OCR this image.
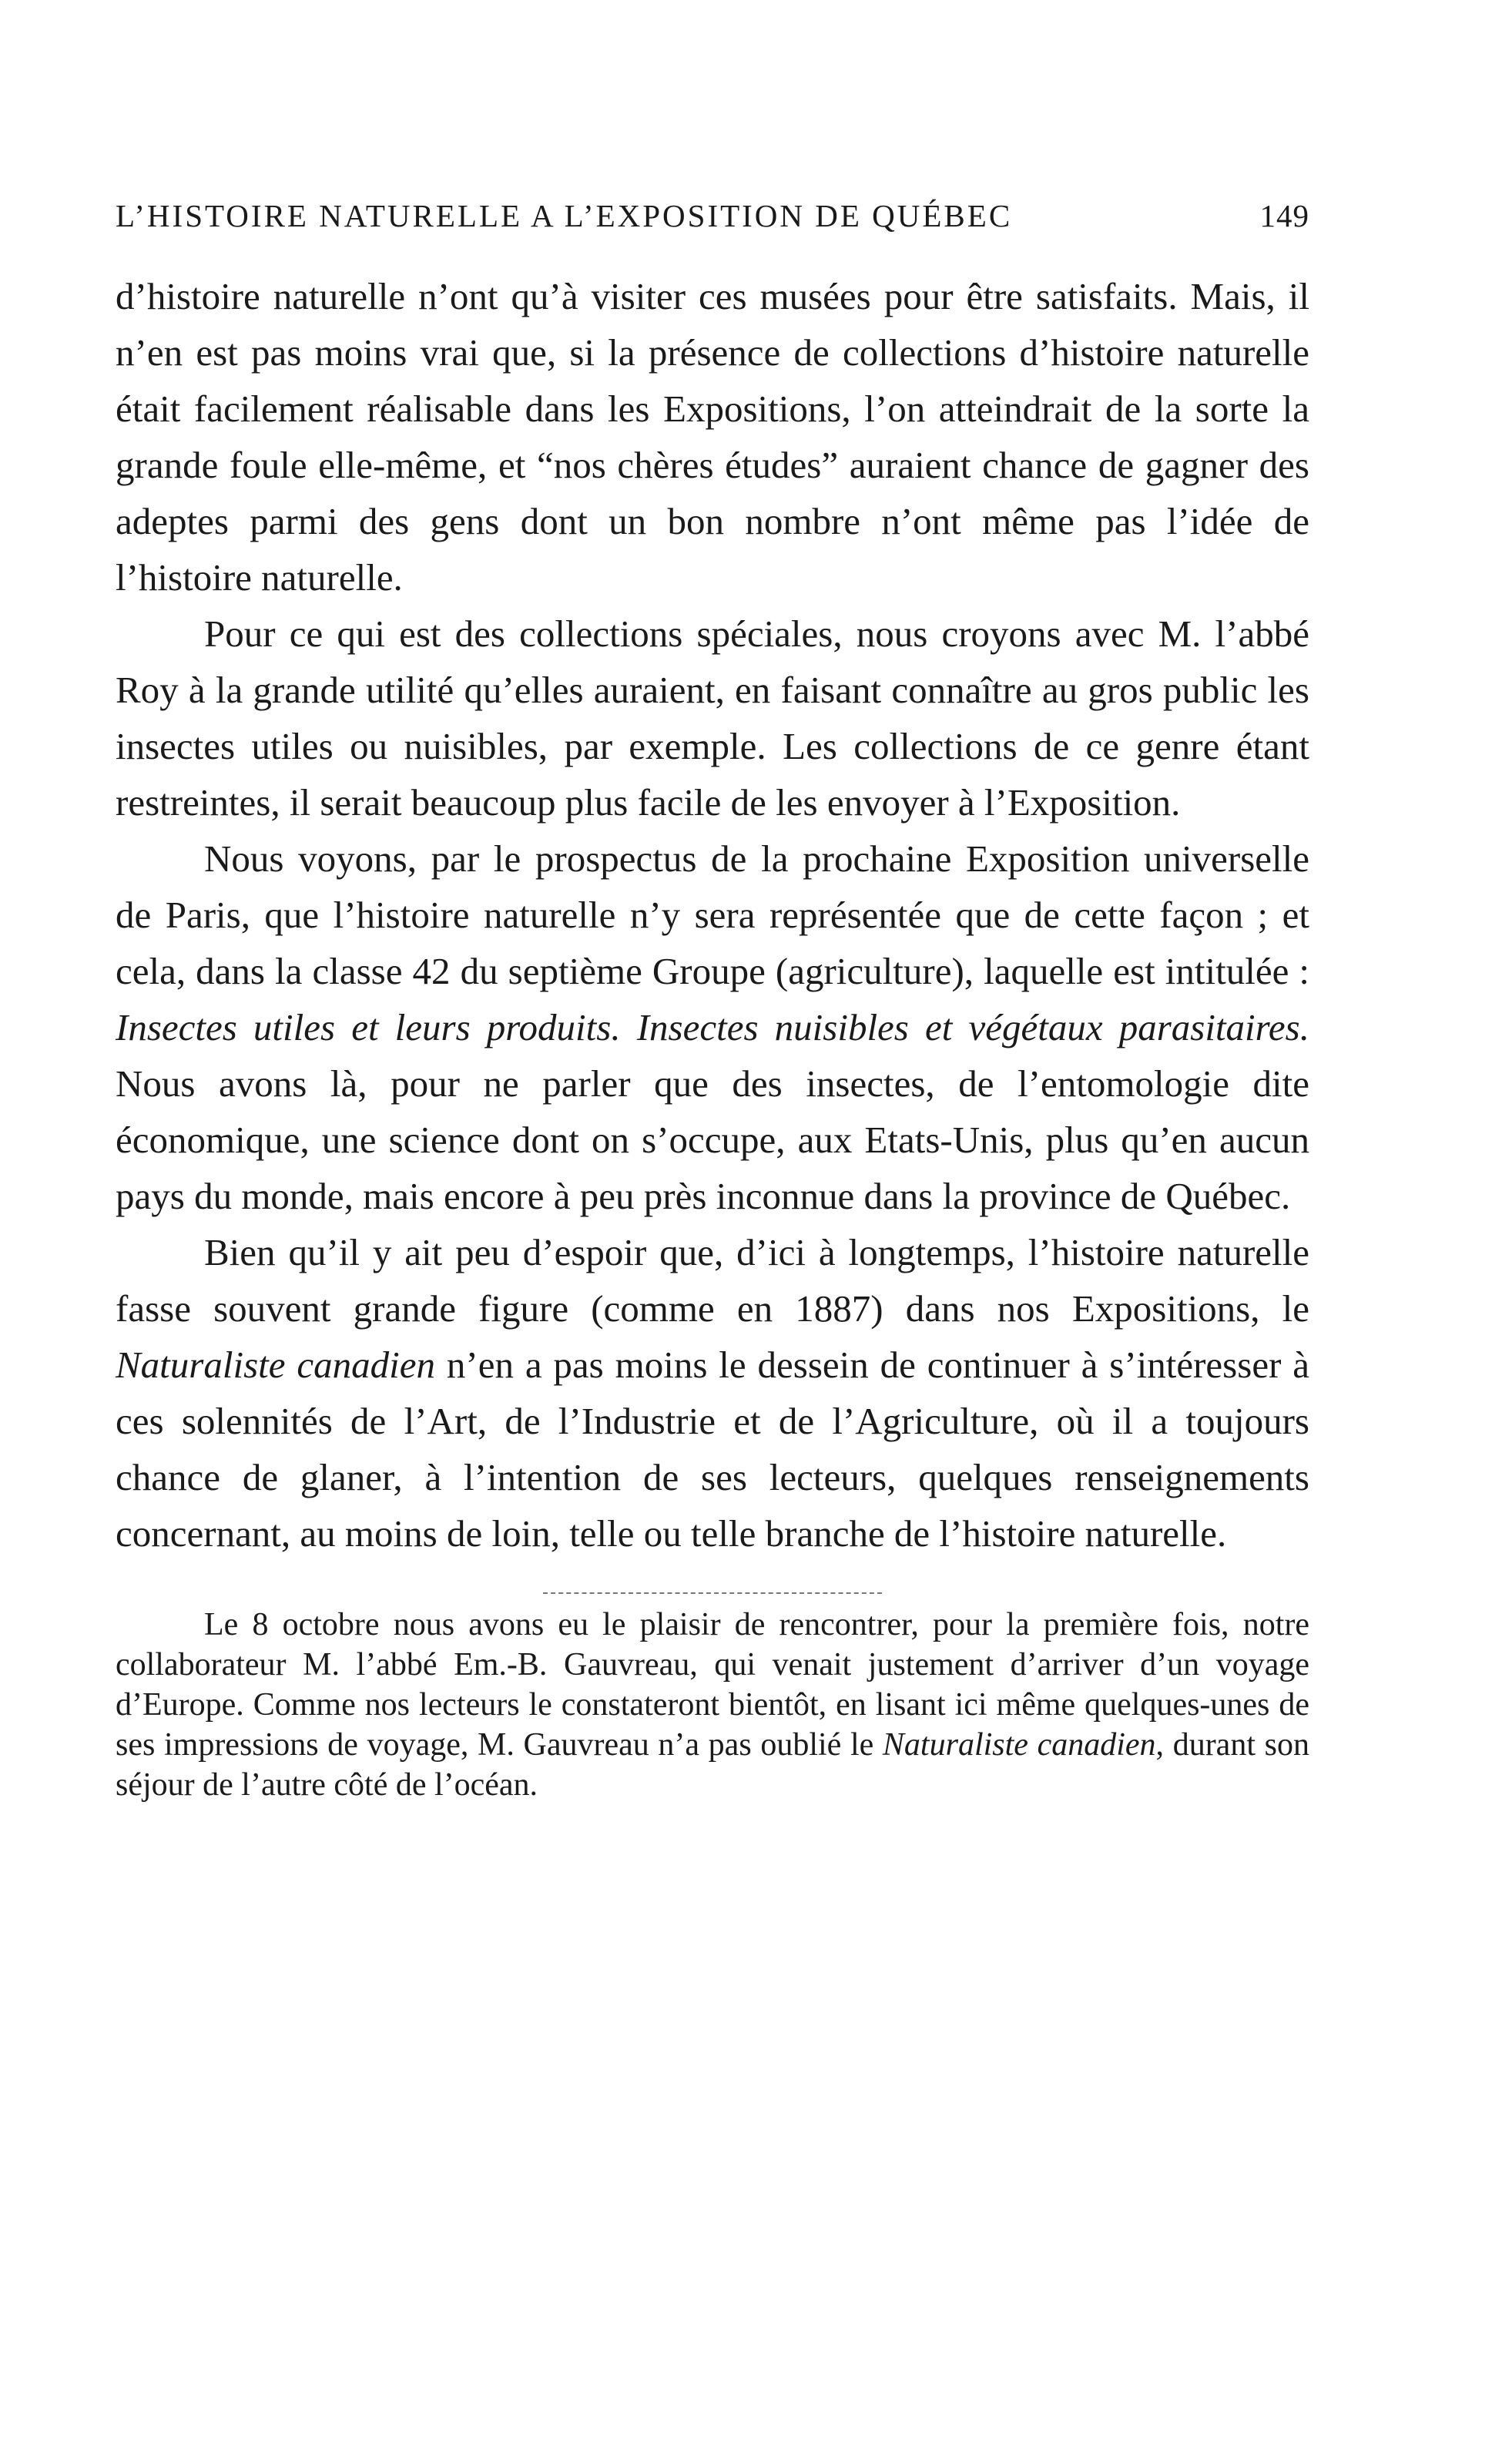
L’HISTOIRE NATURELLE A L’EXPOSITION DE QUÉBEC	149

d’histoire naturelle n’ont qu’à visiter ces musées pour être satisfaits. Mais, il n’en est pas moins vrai que, si la présence de collections d’histoire naturelle était facilement réalisable dans les Expositions, l’on atteindrait de la sorte la grande foule elle-même, et “nos chères études” auraient chance de gagner des adeptes parmi des gens dont un bon nombre n’ont même pas l’idée de l’histoire naturelle.

Pour ce qui est des collections spéciales, nous croyons avec M. l’abbé Roy à la grande utilité qu’elles auraient, en faisant connaître au gros public les insectes utiles ou nuisibles, par exemple. Les collections de ce genre étant restreintes, il serait beaucoup plus facile de les envoyer à l’Exposition.

Nous voyons, par le prospectus de la prochaine Exposition universelle de Paris, que l’histoire naturelle n’y sera représentée que de cette façon ; et cela, dans la classe 42 du septième Groupe (agriculture), laquelle est intitulée : Insectes utiles et leurs produits. Insectes nuisibles et végétaux parasitaires. Nous avons là, pour ne parler que des insectes, de l’entomologie dite économique, une science dont on s’occupe, aux Etats-Unis, plus qu’en aucun pays du monde, mais encore à peu près inconnue dans la province de Québec.

Bien qu’il y ait peu d’espoir que, d’ici à longtemps, l’histoire naturelle fasse souvent grande figure (comme en 1887) dans nos Expositions, le Naturaliste canadien n’en a pas moins le dessein de continuer à s’intéresser à ces solennités de l’Art, de l’Industrie et de l’Agriculture, où il a toujours chance de glaner, à l’intention de ses lecteurs, quelques renseignements concernant, au moins de loin, telle ou telle branche de l’histoire naturelle.

Le 8 octobre nous avons eu le plaisir de rencontrer, pour la première fois, notre collaborateur M. l’abbé Em.-B. Gauvreau, qui venait justement d’arriver d’un voyage d’Europe. Comme nos lecteurs le constateront bientôt, en lisant ici même quelques-unes de ses impressions de voyage, M. Gauvreau n’a pas oublié le Naturaliste canadien, durant son séjour de l’autre côté de l’océan.
